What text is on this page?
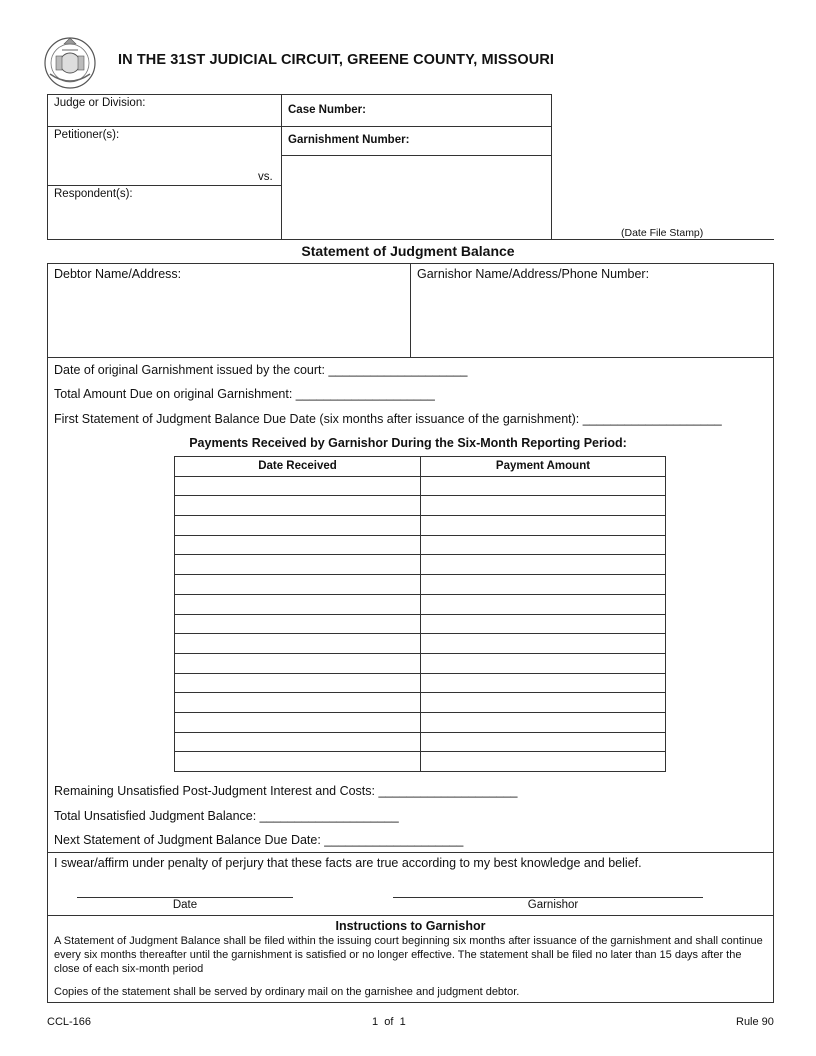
IN THE 31ST JUDICIAL CIRCUIT, GREENE COUNTY, MISSOURI
Judge or Division:
Case Number:
Petitioner(s):
vs.
Garnishment Number:
Respondent(s):
(Date File Stamp)
Statement of Judgment Balance
Debtor Name/Address:	Garnishor Name/Address/Phone Number:
Date of original Garnishment issued by the court: ____________________
Total Amount Due on original Garnishment: ____________________
First Statement of Judgment Balance Due Date (six months after issuance of the garnishment): ____________________
Payments Received by Garnishor During the Six-Month Reporting Period:
Date Received	Payment Amount

Remaining Unsatisfied Post-Judgment Interest and Costs: ____________________
Total Unsatisfied Judgment Balance: ____________________
Next Statement of Judgment Balance Due Date: ____________________
I swear/affirm under penalty of perjury that these facts are true according to my best knowledge and belief.
Date	Garnishor
Instructions to Garnishor
A Statement of Judgment Balance shall be filed within the issuing court beginning six months after issuance of the garnishment and shall continue every six months thereafter until the garnishment is satisfied or no longer effective. The statement shall be filed no later than 15 days after the close of each six-month period
Copies of the statement shall be served by ordinary mail on the garnishee and judgment debtor.
CCL-166	1 of 1	Rule 90
